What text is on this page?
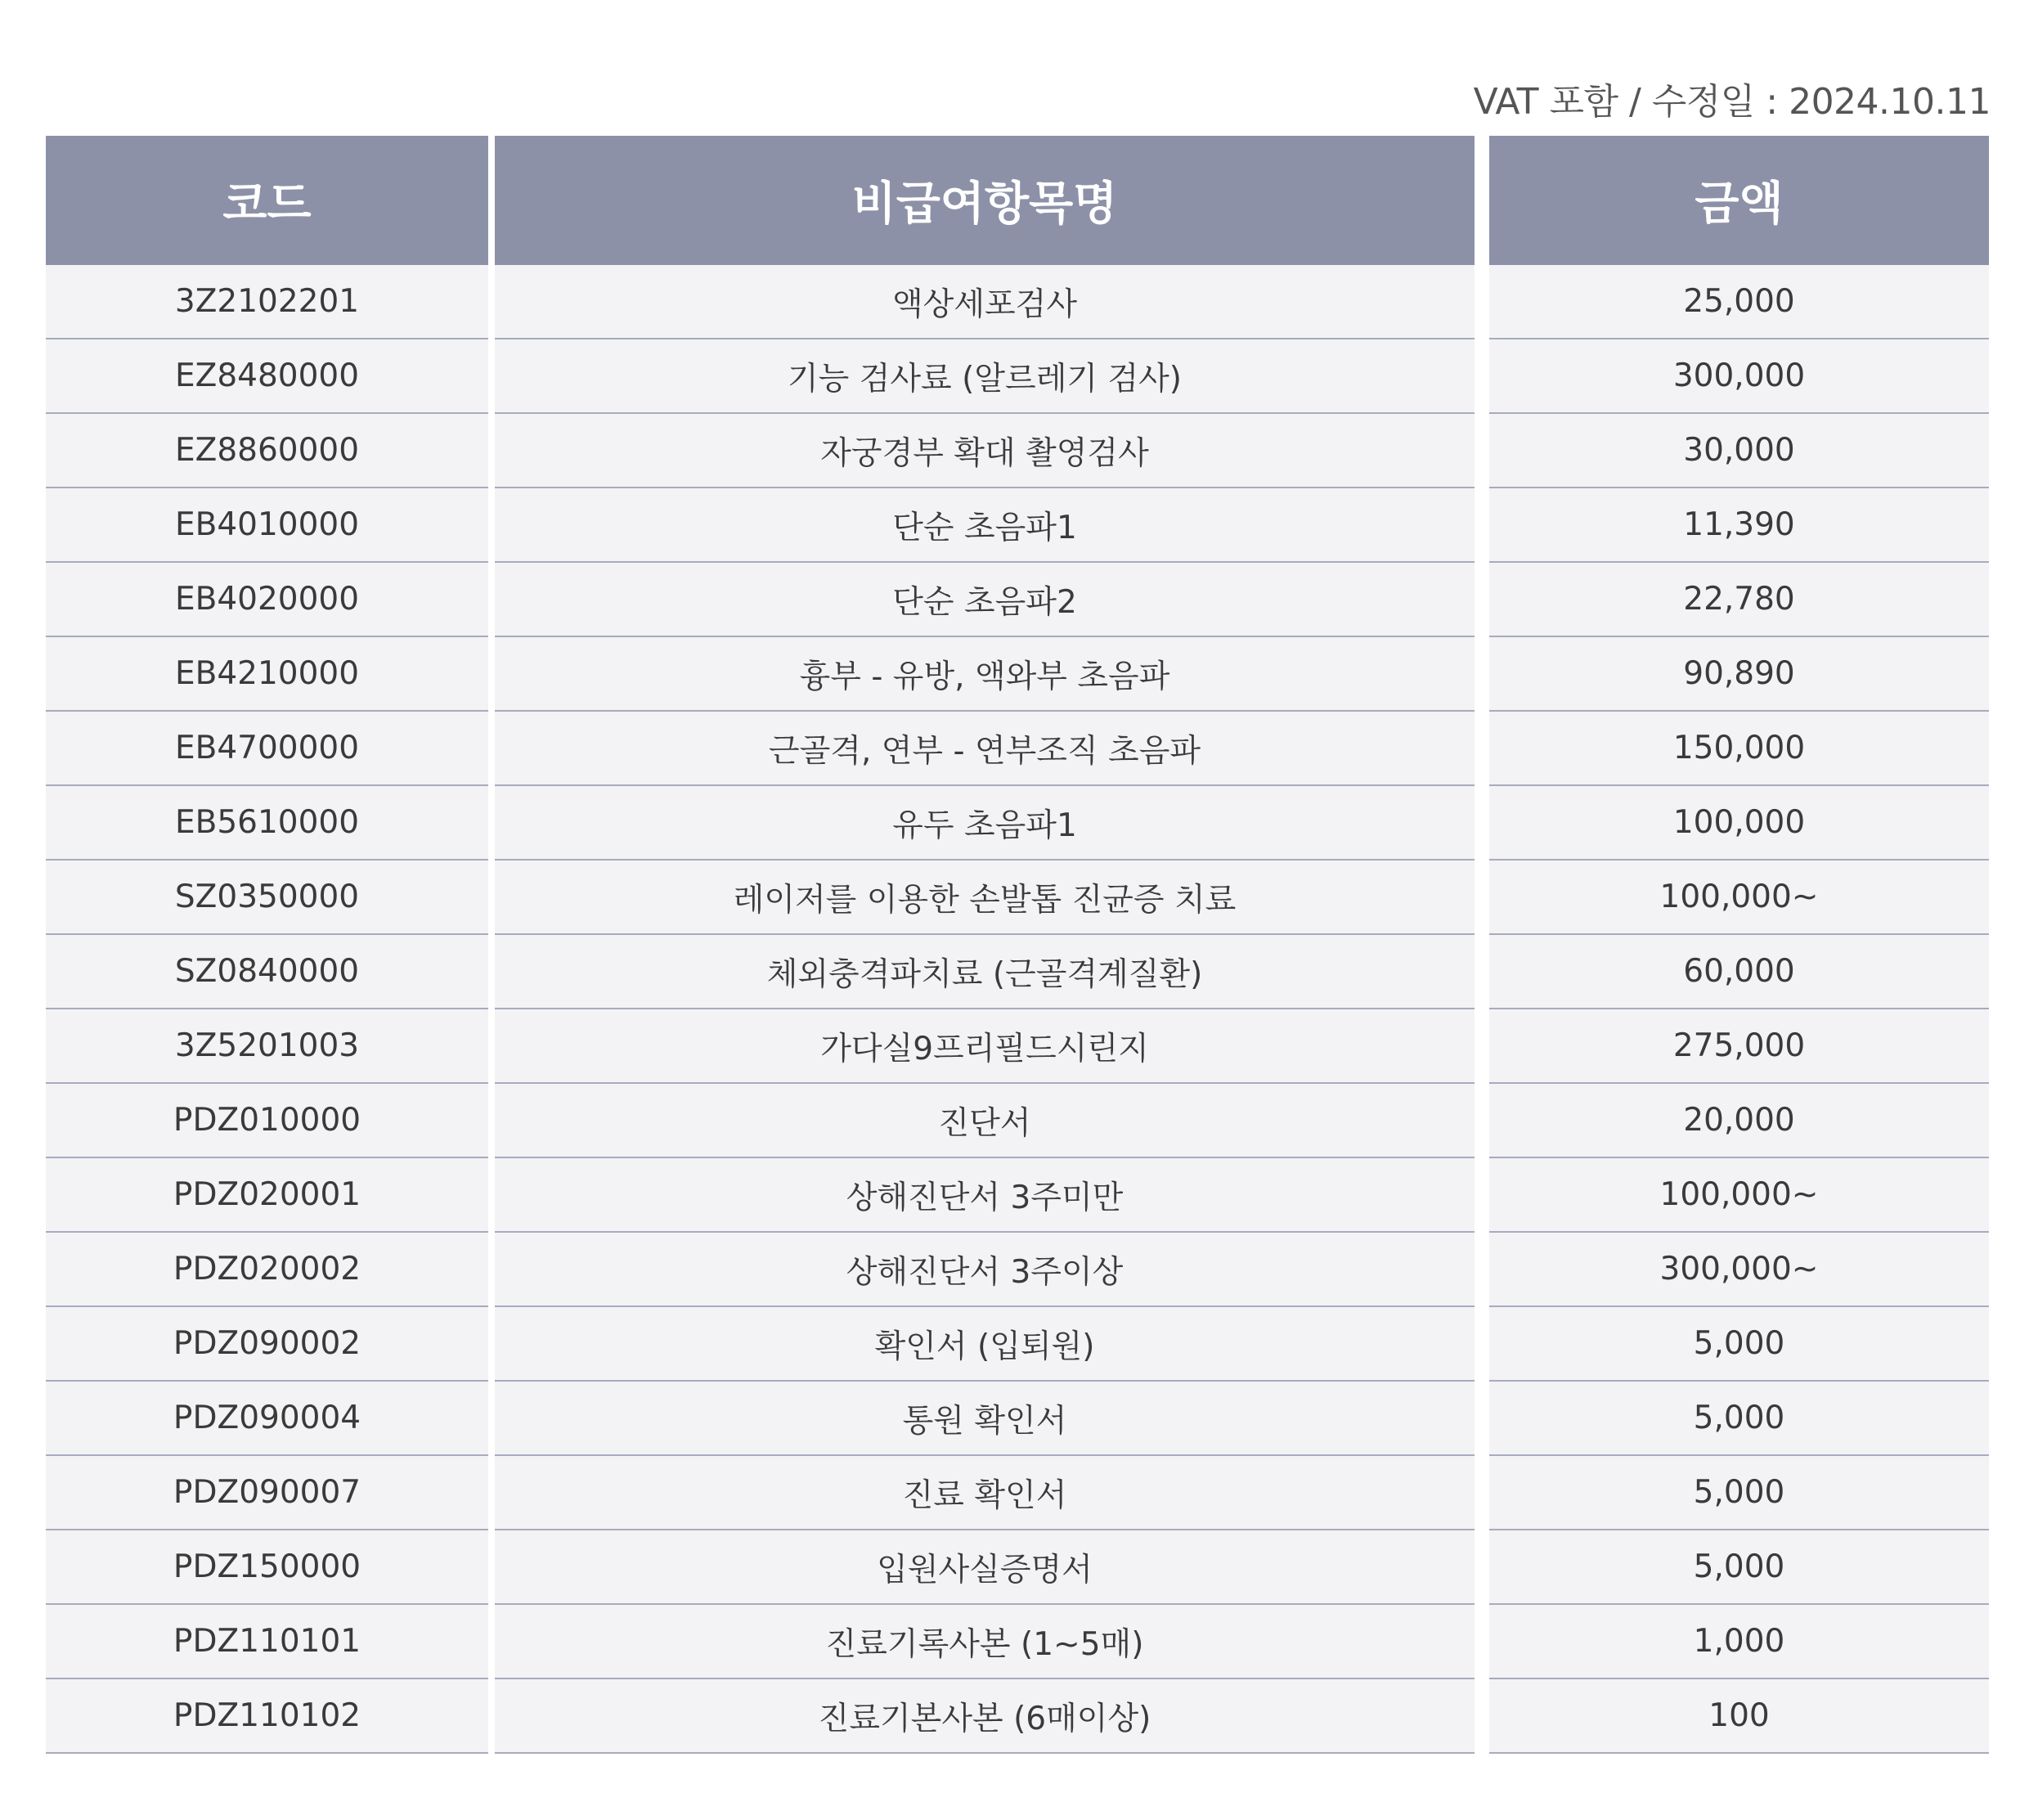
VAT 포함 / 수정일 : 2024.10.11
코드	비급여항목명	금액
3Z2102201	액상세포검사	25,000
EZ8480000	기능 검사료 (알르레기 검사)	300,000
EZ8860000	자궁경부 확대 촬영검사	30,000
EB4010000	단순 초음파1	11,390
EB4020000	단순 초음파2	22,780
EB4210000	흉부 - 유방, 액와부 초음파	90,890
EB4700000	근골격, 연부 - 연부조직 초음파	150,000
EB5610000	유두 초음파1	100,000
SZ0350000	레이저를 이용한 손발톱 진균증 치료	100,000~
SZ0840000	체외충격파치료 (근골격계질환)	60,000
3Z5201003	가다실9프리필드시린지	275,000
PDZ010000	진단서	20,000
PDZ020001	상해진단서 3주미만	100,000~
PDZ020002	상해진단서 3주이상	300,000~
PDZ090002	확인서 (입퇴원)	5,000
PDZ090004	통원 확인서	5,000
PDZ090007	진료 확인서	5,000
PDZ150000	입원사실증명서	5,000
PDZ110101	진료기록사본 (1~5매)	1,000
PDZ110102	진료기본사본 (6매이상)	100
